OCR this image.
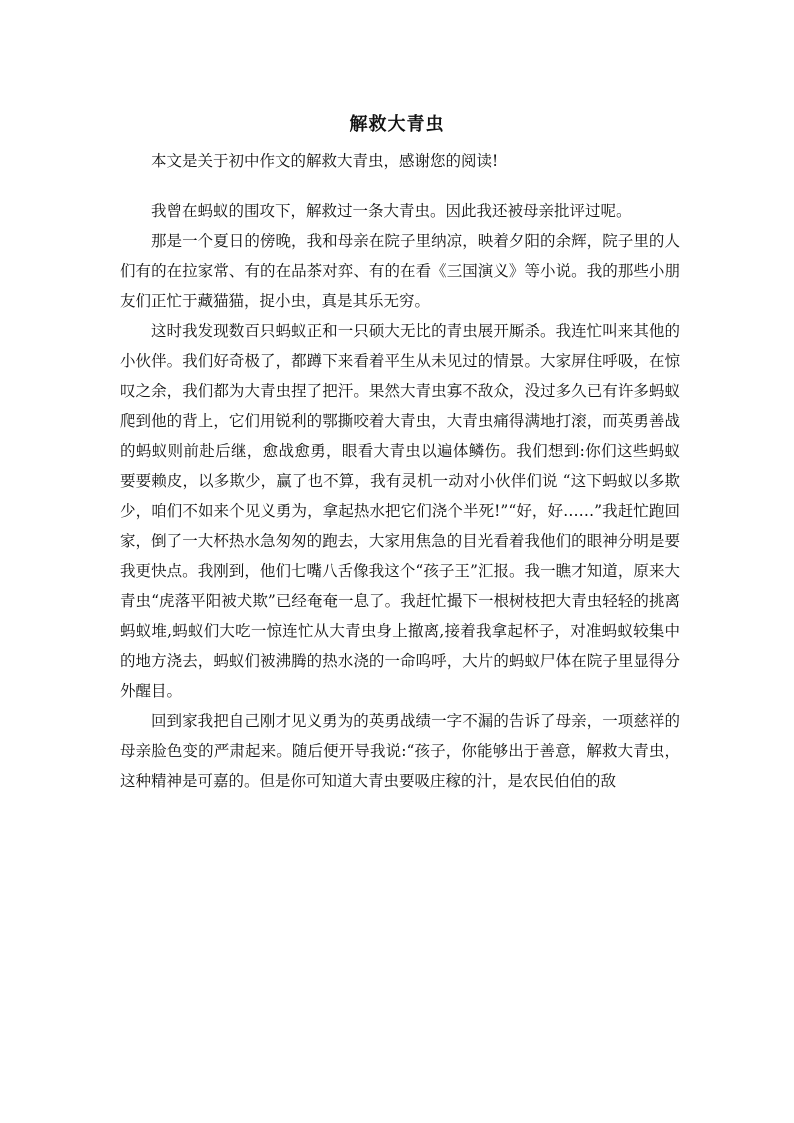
解救大青虫

本文是关于初中作文的解救大青虫，感谢您的阅读!

我曾在蚂蚁的围攻下，解救过一条大青虫。因此我还被母亲批评过呢。

那是一个夏日的傍晚，我和母亲在院子里纳凉，映着夕阳的余辉，院子里的人们有的在拉家常、有的在品茶对弈、有的在看《三国演义》等小说。我的那些小朋友们正忙于藏猫猫，捉小虫，真是其乐无穷。

这时我发现数百只蚂蚁正和一只硕大无比的青虫展开厮杀。我连忙叫来其他的小伙伴。我们好奇极了，都蹲下来看着平生从未见过的情景。大家屏住呼吸，在惊叹之余，我们都为大青虫捏了把汗。果然大青虫寡不敌众，没过多久已有许多蚂蚁爬到他的背上，它们用锐利的鄂撕咬着大青虫，大青虫痛得满地打滚，而英勇善战的蚂蚁则前赴后继，愈战愈勇，眼看大青虫以遍体鳞伤。我们想到:你们这些蚂蚁要要赖皮，以多欺少，赢了也不算，我有灵机一动对小伙伴们说 “这下蚂蚁以多欺少，咱们不如来个见义勇为，拿起热水把它们浇个半死!”“好，好……”我赶忙跑回家，倒了一大杯热水急匆匆的跑去，大家用焦急的目光看着我他们的眼神分明是要我更快点。我刚到，他们七嘴八舌像我这个“孩子王”汇报。我一瞧才知道，原来大青虫“虎落平阳被犬欺”已经奄奄一息了。我赶忙撮下一根树枝把大青虫轻轻的挑离蚂蚁堆,蚂蚁们大吃一惊连忙从大青虫身上撤离,接着我拿起杯子，对准蚂蚁较集中的地方浇去，蚂蚁们被沸腾的热水浇的一命呜呼，大片的蚂蚁尸体在院子里显得分外醒目。

回到家我把自己刚才见义勇为的英勇战绩一字不漏的告诉了母亲，一项慈祥的母亲脸色变的严肃起来。随后便开导我说:“孩子，你能够出于善意，解救大青虫，这种精神是可嘉的。但是你可知道大青虫要吸庄稼的汁，是农民伯伯的敌
